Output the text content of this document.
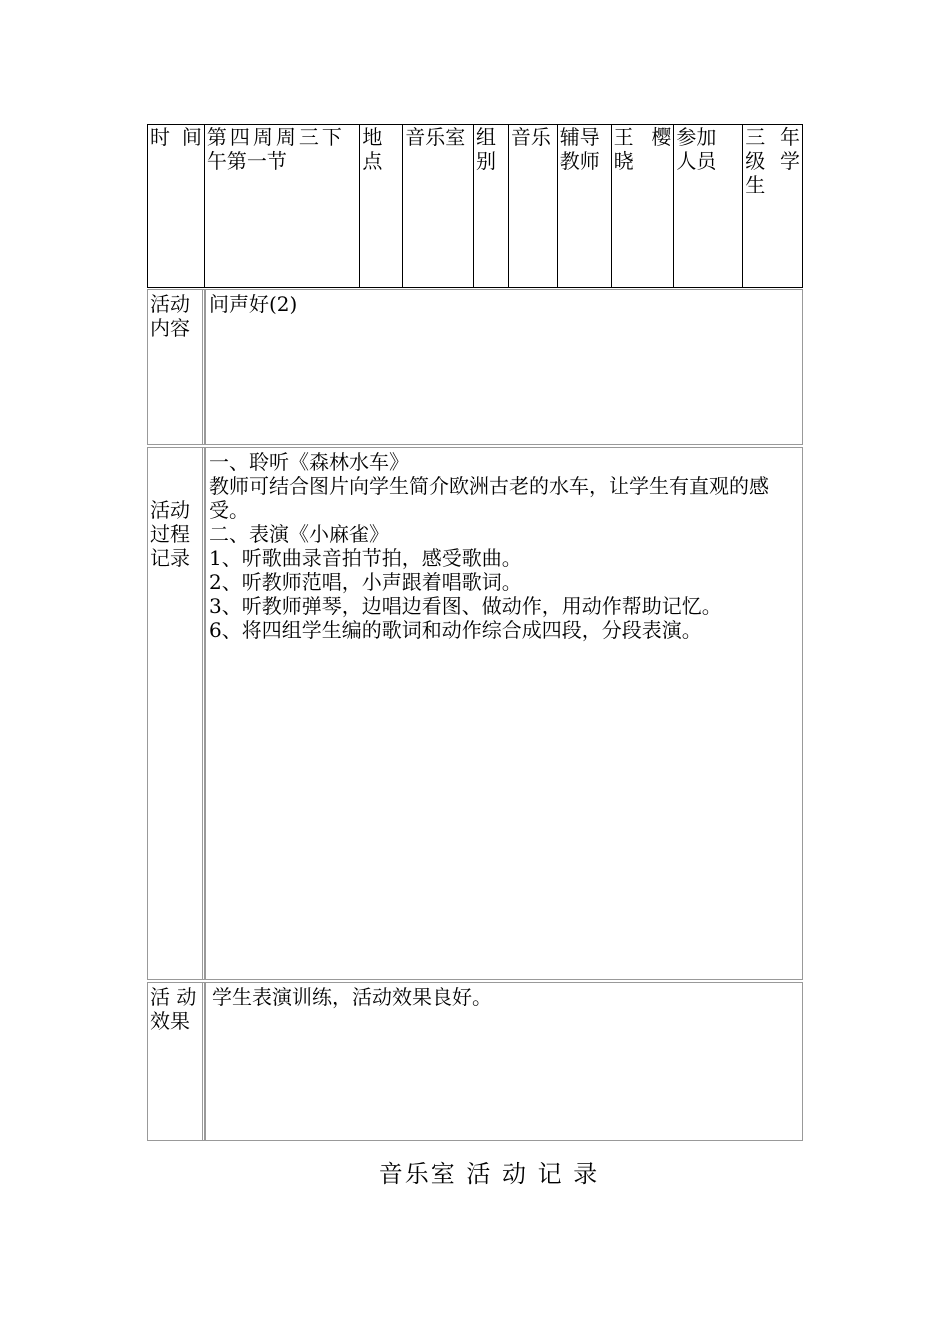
时 间 第四周周三下
午第一节
地
点
音乐室 组
别
音乐 辅导
教师
王 樱
晓
参加
人员
三 年
级 学
生
活动内容
问声好(2)
活动过程记录
一、聆听《森林水车》
教师可结合图片向学生简介欧洲古老的水车，让学生有直观的感受。
二、表演《小麻雀》
1、听歌曲录音拍节拍，感受歌曲。
2、听教师范唱，小声跟着唱歌词。
3、听教师弹琴，边唱边看图、做动作，用动作帮助记忆。
6、将四组学生编的歌词和动作综合成四段，分段表演。
活 动效果
学生表演训练，活动效果良好。
音乐室 活 动 记 录
